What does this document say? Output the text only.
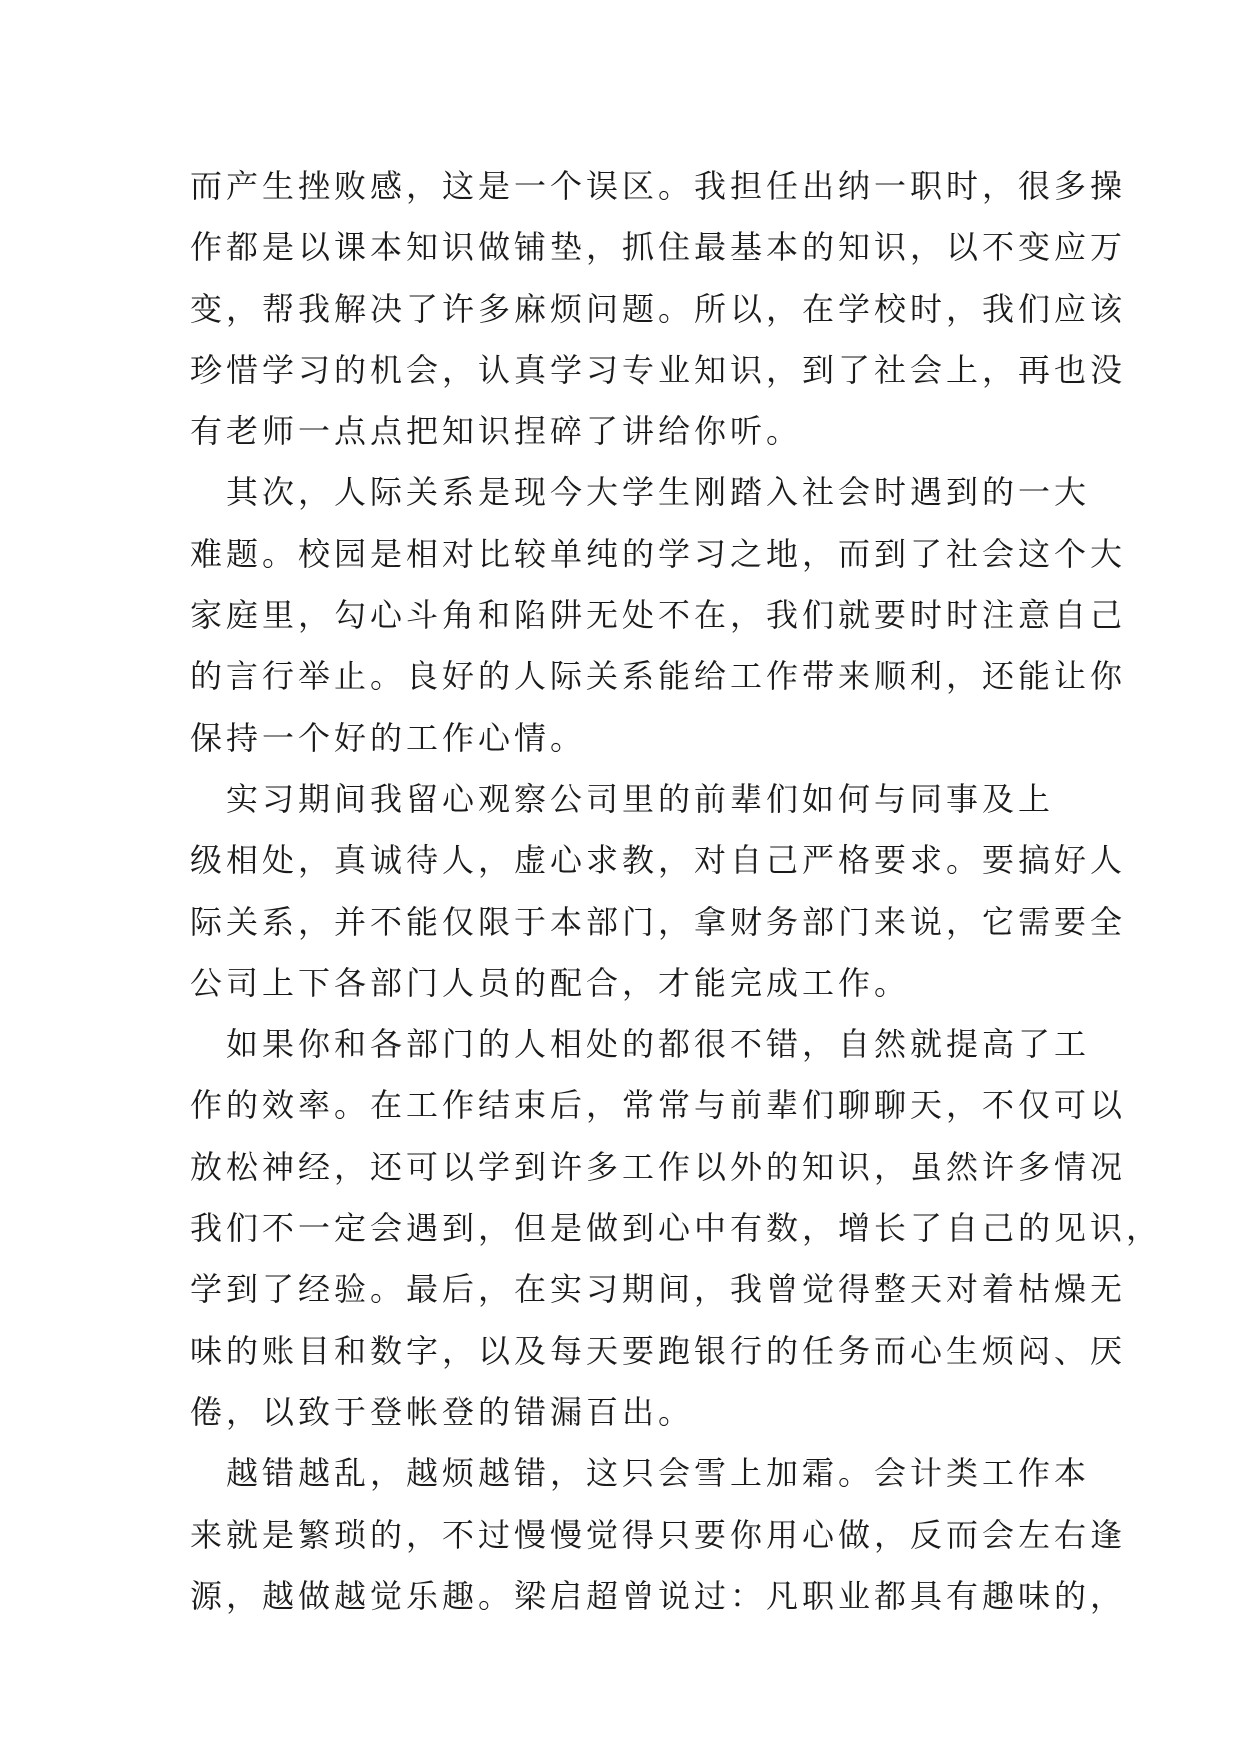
而产生挫败感，这是一个误区。我担任出纳一职时，很多操
作都是以课本知识做铺垫，抓住最基本的知识，以不变应万
变，帮我解决了许多麻烦问题。所以，在学校时，我们应该
珍惜学习的机会，认真学习专业知识，到了社会上，再也没
有老师一点点把知识捏碎了讲给你听。
　其次，人际关系是现今大学生刚踏入社会时遇到的一大
难题。校园是相对比较单纯的学习之地，而到了社会这个大
家庭里，勾心斗角和陷阱无处不在，我们就要时时注意自己
的言行举止。良好的人际关系能给工作带来顺利，还能让你
保持一个好的工作心情。
　实习期间我留心观察公司里的前辈们如何与同事及上
级相处，真诚待人，虚心求教，对自己严格要求。要搞好人
际关系，并不能仅限于本部门，拿财务部门来说，它需要全
公司上下各部门人员的配合，才能完成工作。
　如果你和各部门的人相处的都很不错，自然就提高了工
作的效率。在工作结束后，常常与前辈们聊聊天，不仅可以
放松神经，还可以学到许多工作以外的知识，虽然许多情况
我们不一定会遇到，但是做到心中有数，增长了自己的见识，
学到了经验。最后，在实习期间，我曾觉得整天对着枯燥无
味的账目和数字，以及每天要跑银行的任务而心生烦闷、厌
倦，以致于登帐登的错漏百出。
　越错越乱，越烦越错，这只会雪上加霜。会计类工作本
来就是繁琐的，不过慢慢觉得只要你用心做，反而会左右逢
源，越做越觉乐趣。梁启超曾说过：凡职业都具有趣味的，
